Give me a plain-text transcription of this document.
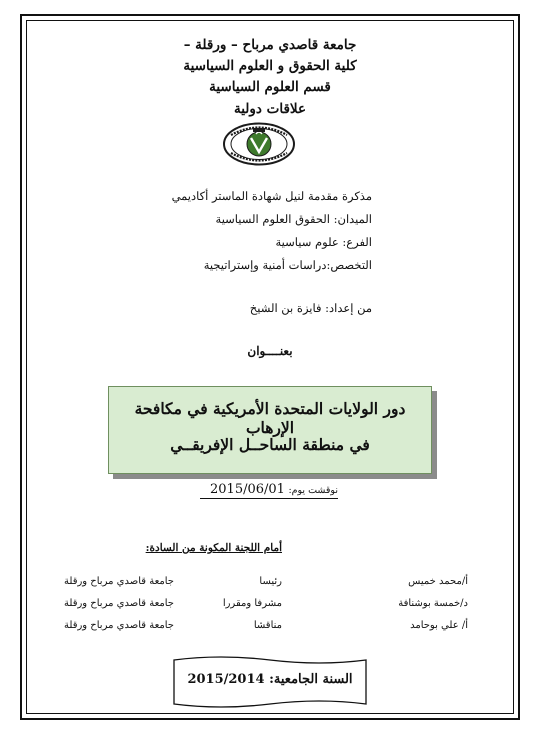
جامعة قاصدي مرباح – ورقلة –
كلية الحقوق و العلوم السياسية
قسم العلوم السياسية
علاقات دولية
مذكرة مقدمة لنيل شهادة الماستر أكاديمي
الميدان: الحقوق العلوم السياسية
الفرع: علوم سياسية
التخصص:دراسات أمنية وإستراتيجية
من إعداد: فايزة بن الشيخ
بعنــــوان
دور الولايات المتحدة الأمريكية في مكافحة الإرهاب
في منطقة الساحــل الإفريقــي
نوقشت يوم: 2015/06/01
أمام اللجنة المكونة من السادة:
أ/محمد خميس
رئيسا
جامعة قاصدي مرباح ورقلة
د/خمسة بوشنافة
مشرفا ومقررا
جامعة قاصدي مرباح ورقلة
أ/ علي بوحامد
مناقشا
جامعة قاصدي مرباح ورقلة
السنة الجامعية: 2015/2014
